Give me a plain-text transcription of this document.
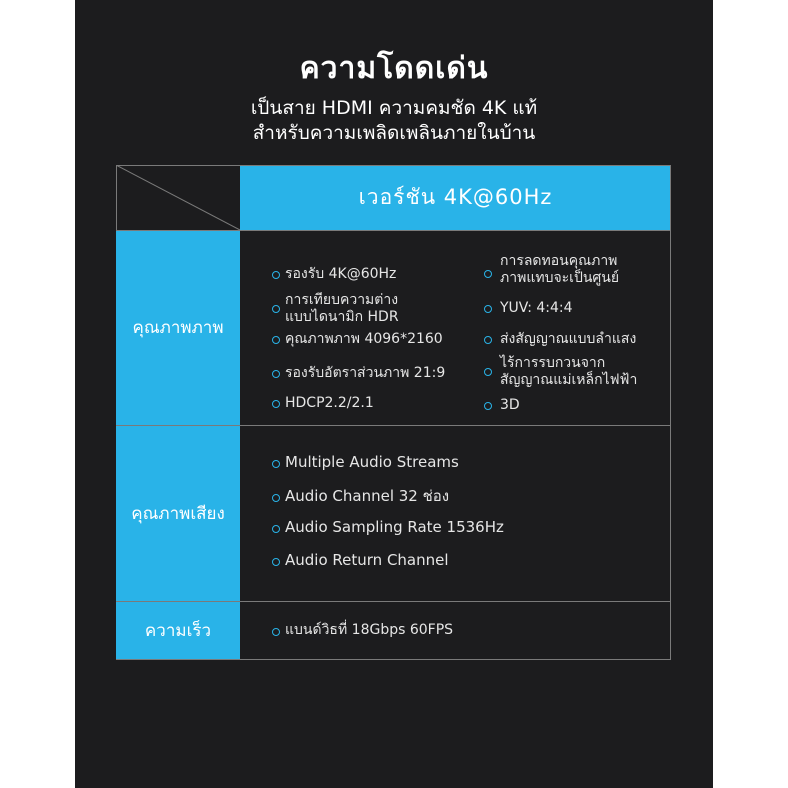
ความโดดเด่น
เป็นสาย HDMI ความคมชัด 4K แท้
สำหรับความเพลิดเพลินภายในบ้าน
เวอร์ชัน 4K@60Hz
คุณภาพภาพ
คุณภาพเสียง
ความเร็ว
รองรับ 4K@60Hz
การเทียบความต่าง
แบบไดนามิก HDR
คุณภาพภาพ 4096*2160
รองรับอัตราส่วนภาพ 21:9
HDCP2.2/2.1
การลดทอนคุณภาพ
ภาพแทบจะเป็นศูนย์
YUV: 4:4:4
ส่งสัญญาณแบบลำแสง
ไร้การรบกวนจาก
สัญญาณแม่เหล็กไฟฟ้า
3D
Multiple Audio Streams
Audio Channel 32 ช่อง
Audio Sampling Rate 1536Hz
Audio Return Channel
แบนด์วิธที่ 18Gbps 60FPS
